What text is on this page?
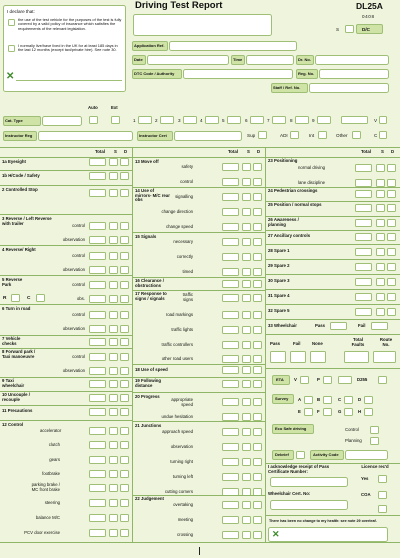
I declare that:
the use of the test vehicle for the purposes of the test is fully covered by a valid policy of insurance which satisfies the requirements of the relevant legislation.
I normally live/have lived in the UK for at least 185 days in the last 12 months (except taxi/private hire). See note 30.
✕
Driving Test Report	DL25A
0408
S	D/C
Application Ref.
Date	Time	Dr. No.
DTC Code / Authority	Reg. No.
Staff / Ref. No.
Auto	Ext
Cat. Type	1	2	3	4	5	6	7	8	9	V
Instructor Reg	Instructor Cert	Sup	ADI	Int	Other	C
Total S D	Total S D	Total S D
1a Eyesight
1b H/Code / Safety
2 Controlled Stop
3 Reverse / Left Reverse with trailer	control
observation
4 Reverse/ Right
control
observation
5 Reverse Park	control
R	C	obs.
6 Turn in road
control
observation
7 Vehicle checks
8 Forward park / Taxi manoeuvre	control
observation
9 Taxi wheelchair
10 Uncouple / recouple
11 Precautions
12 Control
accelerator
clutch
gears
footbrake
parking brake / MC front brake
steering
balance M/C
PCV door exercise
13 Move off
safety
control
14 Use of mirrors- M/C rear obs
signalling
change direction
change speed
15 Signals
necessary
correctly
timed
16 Clearance / obstructions
17 Response to signs / signals
traffic signs
road markings
traffic lights
traffic controllers
other road users
18 Use of speed
19 Following distance
20 Progress
appropriate speed
undue hesitation
21 Junctions
approach speed
observation
turning right
turning left
cutting corners
22 Judgement
overtaking
meeting
crossing
23 Positioning
normal driving
lane discipline
24 Pedestrian crossings
25 Position / normal stops
26 Awareness / planning
27 Ancillary controls
28 Spare 1
29 Spare 2
30 Spare 3
31 Spare 4
32 Spare 5
33 Wheelchair	Pass	Fail
Pass	Fail	None
Total Faults
Route No.
ETA V	P	D255
Survey A	B	C	D
E	F	G	H
Eco Safe driving	Control
Planning
Debrief	Activity Code
I acknowledge receipt of Pass Certificate Number:
Licence rec'd
Yes
Wheelchair Cert. No:	COA
There has been no change to my health: see note 29 overleaf.
✕
